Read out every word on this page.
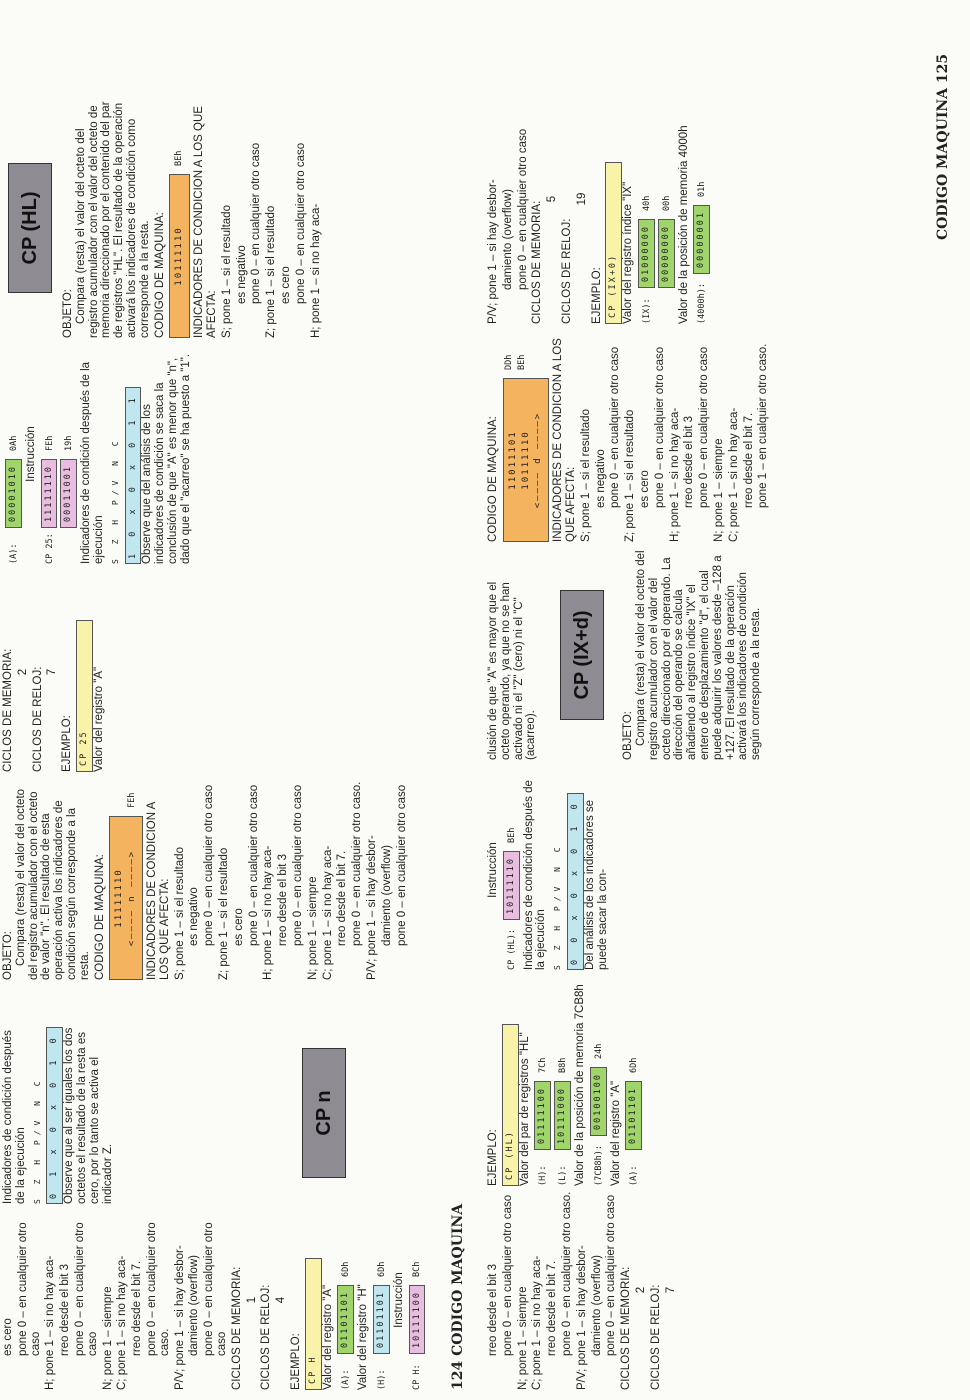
es cero pone 0 – en cualquier otro caso H; pone 1 – si no hay aca- rreo desde el bit 3 pone 0 – en cualquier otro caso N; pone 1 – siempre C; pone 1 – si no hay aca- rreo desde el bit 7. pone 0 – en cualquier otro caso. P/V; pone 1 – si hay desbor- damiento (overflow) pone 0 – en cualquier otro caso CICLOS DE MEMORIA: 1 CICLOS DE RELOJ: 4

EJEMPLO: CP H Valor del registro "A" (A):011011016Dh

Valor del registro "H" (H):011011016Dh

Instrucción

CP H:10111100BCh

Indicadores de condición después de la ejecución S Z H P/V N C 0 1 x 0 x 0 1 0 Observe que al ser iguales los dos octetos el resultado de la resta es cero, por lo tanto se activa el indicador Z.

CP n

OBJETO: Compara (resta) el valor del octeto del registro acumulador con el octeto de valor "n". El resultado de esta operación activa los indicadores de condición según corresponde a la resta. CODIGO DE MAQUINA: 11111110 <———— n ————>
FEh

INDICADORES DE CONDICION A LOS QUE AFECTA: S; pone 1 – si el resultado es negativo pone 0 – en cualquier otro caso Z; pone 1 – si el resultado es cero pone 0 – en cualquier otro caso H; pone 1 – si no hay aca- rreo desde el bit 3 pone 0 – en cualquier otro caso N; pone 1 – siempre C; pone 1 – si no hay aca- rreo desde el bit 7. pone 0 – en cualquier otro caso. P/V; pone 1 – si hay desbor- damiento (overflow) pone 0 – en cualquier otro caso

CICLOS DE MEMORIA: 2 CICLOS DE RELOJ: 7

EJEMPLO: CP 25 Valor del registro "A"

(A):000010100Ah Instrucción

CP 25:11111110FEh
0001100119h Indicadores de condición después de la ejecución S Z H P/V N C 1 0 x 0 x 0 1 1 Observe que del análisis de los indicadores de condición se saca la conclusión de que "A" es menor que "n", dado que el "acarreo" se ha puesto a "1".

CP (HL)

OBJETO: Compara (resta) el valor del octeto del registro acumulador con el valor del octeto de memoria direccionado por el contenido del par de registros "HL". El resultado de la operación activará los indicadores de condición como corresponde a la resta. CODIGO DE MAQUINA: 10111110BEh INDICADORES DE CONDICION A LOS QUE AFECTA: S; pone 1 – si el resultado es negativo pone 0 – en cualquier otro caso Z; pone 1 – si el resultado es cero pone 0 – en cualquier otro caso H; pone 1 – si no hay aca-

124 CODIGO MAQUINA rreo desde el bit 3 pone 0 – en cualquier otro caso N; pone 1 – siempre C; pone 1 – si no hay aca- rreo desde el bit 7. pone 0 – en cualquier otro caso. P/V; pone 1 – si hay desbor- damiento (overflow) pone 0 – en cualquier otro caso CICLOS DE MEMORIA: 2 CICLOS DE RELOJ: 7

EJEMPLO: CP (HL) Valor del par de registros "HL" (H):011111007Ch
(L):10111000B8h Valor de la posición de memoria 7CB8h (7CB8h):0010010024h

Valor del registro "A" (A):011011016Dh

Instrucción

CP (HL):10111110BEh Indicadores de condición después de la ejecución S Z H P/V N C 0 0 x 0 x 0 1 0 Del análisis de los indicadores se puede sacar la con-

clusión de que "A" es mayor que el octeto operando, ya que no se han activado ni el "Z" (cero) ni el "C" (acarreo).

CP (IX+d)

OBJETO: Compara (resta) el valor del octeto del registro acumulador con el valor del octeto direccionado por el operando. La dirección del operando se calcula añadiendo al registro índice "IX" el entero de desplazamiento "d", el cual puede adquirir los valores desde –128 a +127. El resultado de la operación activará los indicadores de condición según corresponde a la resta.

CODIGO DE MAQUINA: 11011101 10111110 <———— d ————>
DDh BEh	INDICADORES DE CONDICION A LOS QUE AFECTA: S; pone 1 – si el resultado es negativo pone 0 – en cualquier otro caso Z; pone 1 – si el resultado es cero pone 0 – en cualquier otro caso H; pone 1 – si no hay aca- rreo desde el bit 3 pone 0 – en cualquier otro caso N; pone 1 – siempre C; pone 1 – si no hay aca- rreo desde el bit 7. pone 1 – en cualquier otro caso.

P/V; pone 1 – si hay desbor- damiento (overflow) pone 0 – en cualquier otro caso CICLOS DE MEMORIA:

5

CICLOS DE RELOJ:

19

EJEMPLO: CP (IX+0) Valor del registro índice "IX" (IX):0100000040h
0000000000h Valor de la posición de memoria 4000h (4000h):0000000101h	CODIGO MAQUINA 125
